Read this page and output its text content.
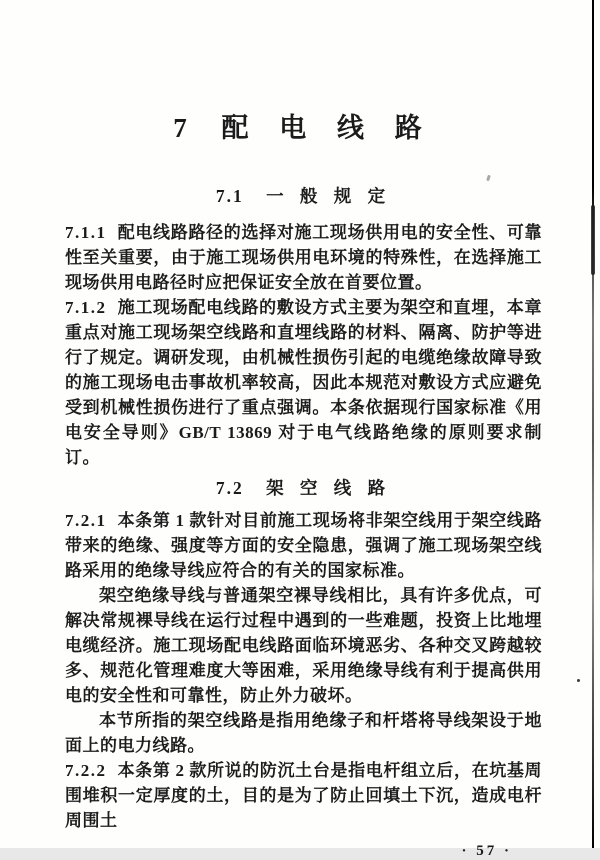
7 配 电 线 路
7.1 一 般 规 定

7.1.1 配电线路路径的选择对施工现场供用电的安全性、可靠性至关重要，由于施工现场供用电环境的特殊性，在选择施工现场供用电路径时应把保证安全放在首要位置。

7.1.2 施工现场配电线路的敷设方式主要为架空和直埋，本章重点对施工现场架空线路和直埋线路的材料、隔离、防护等进行了规定。调研发现，由机械性损伤引起的电缆绝缘故障导致的施工现场电击事故机率较高，因此本规范对敷设方式应避免受到机械性损伤进行了重点强调。本条依据现行国家标准《用电安全导则》GB/T 13869 对于电气线路绝缘的原则要求制订。

7.2 架 空 线 路

7.2.1 本条第 1 款针对目前施工现场将非架空线用于架空线路带来的绝缘、强度等方面的安全隐患，强调了施工现场架空线路采用的绝缘导线应符合的有关的国家标准。

架空绝缘导线与普通架空裸导线相比，具有许多优点，可解决常规裸导线在运行过程中遇到的一些难题，投资上比地埋电缆经济。施工现场配电线路面临环境恶劣、各种交叉跨越较多、规范化管理难度大等困难，采用绝缘导线有利于提高供用电的安全性和可靠性，防止外力破坏。

本节所指的架空线路是指用绝缘子和杆塔将导线架设于地面上的电力线路。

7.2.2 本条第 2 款所说的防沉土台是指电杆组立后，在坑基周围堆积一定厚度的土，目的是为了防止回填土下沉，造成电杆周围土

· 57 ·
